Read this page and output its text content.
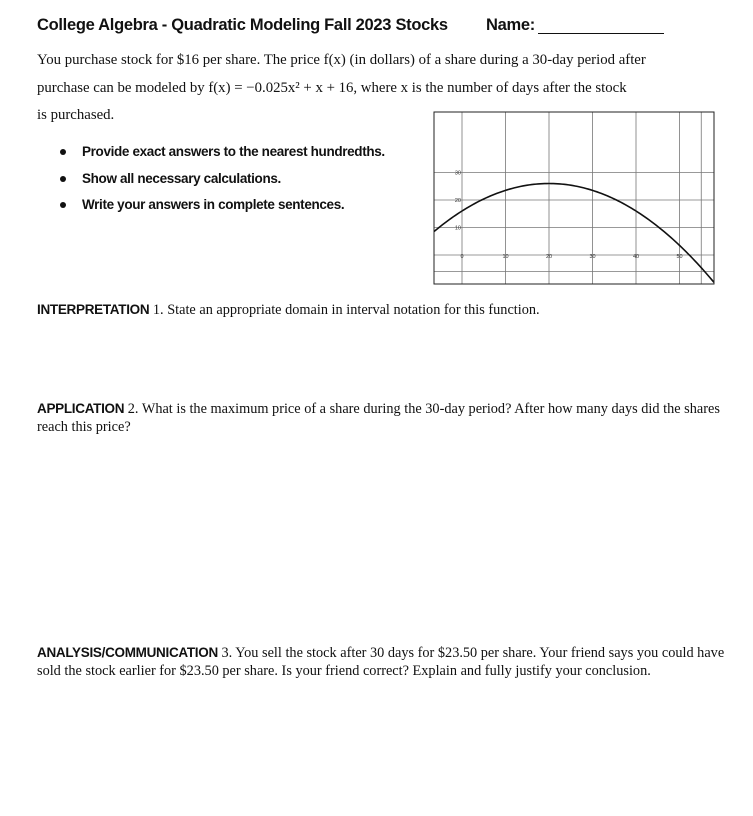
College Algebra - Quadratic Modeling Fall 2023 Stocks Name:
You purchase stock for $16 per share. The price f(x) (in dollars) of a share during a 30-day period after
purchase can be modeled by f(x) = −0.025x² + x + 16, where x is the number of days after the stock
is purchased.
Provide exact answers to the nearest hundredths.
Show all necessary calculations.
Write your answers in complete sentences.
0	10	20	30	40	50
10
20
30
INTERPRETATION 1. State an appropriate domain in interval notation for this function.
APPLICATION 2. What is the maximum price of a share during the 30-day period? After how many days did the shares reach this price?
ANALYSIS/COMMUNICATION 3. You sell the stock after 30 days for $23.50 per share. Your friend says you could have sold the stock earlier for $23.50 per share. Is your friend correct? Explain and fully justify your conclusion.
